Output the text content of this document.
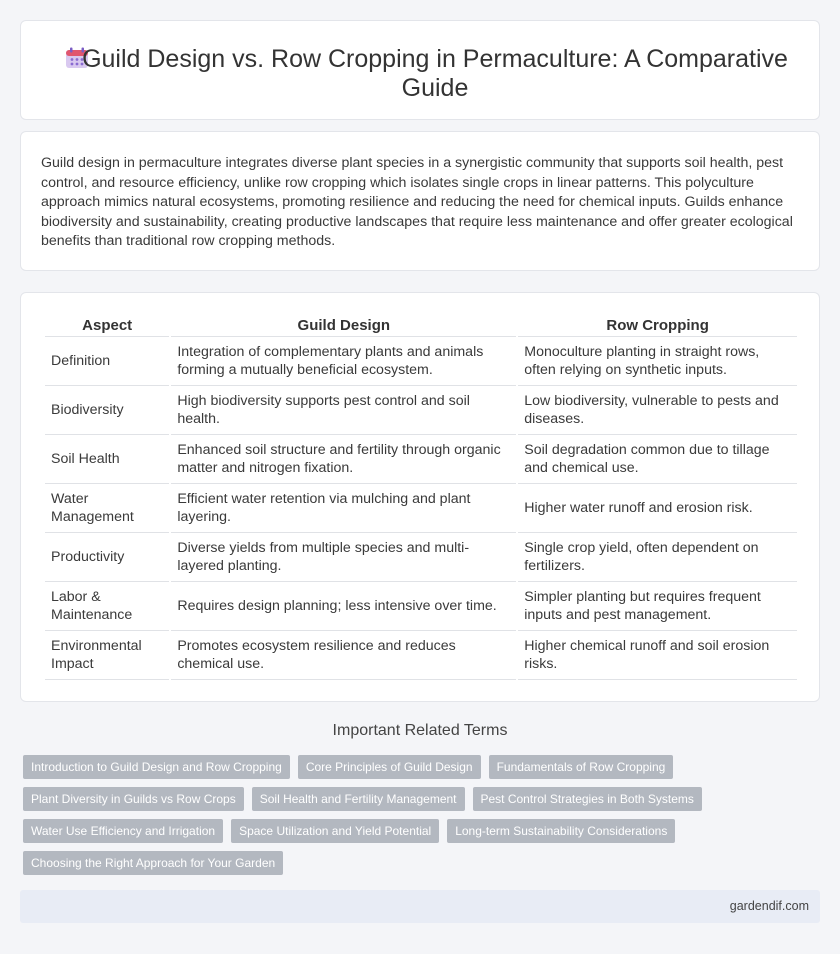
Guild Design vs. Row Cropping in Permaculture: A Comparative Guide

Guild design in permaculture integrates diverse plant species in a synergistic community that supports soil health, pest control, and resource efficiency, unlike row cropping which isolates single crops in linear patterns. This polyculture approach mimics natural ecosystems, promoting resilience and reducing the need for chemical inputs. Guilds enhance biodiversity and sustainability, creating productive landscapes that require less maintenance and offer greater ecological benefits than traditional row cropping methods.

Aspect	Guild Design	Row Cropping
Definition	Integration of complementary plants and animals forming a mutually beneficial ecosystem.	Monoculture planting in straight rows, often relying on synthetic inputs.
Biodiversity	High biodiversity supports pest control and soil health.	Low biodiversity, vulnerable to pests and diseases.
Soil Health	Enhanced soil structure and fertility through organic matter and nitrogen fixation.	Soil degradation common due to tillage and chemical use.
Water Management	Efficient water retention via mulching and plant layering.	Higher water runoff and erosion risk.
Productivity	Diverse yields from multiple species and multi-layered planting.	Single crop yield, often dependent on fertilizers.
Labor & Maintenance	Requires design planning; less intensive over time.	Simpler planting but requires frequent inputs and pest management.
Environmental Impact	Promotes ecosystem resilience and reduces chemical use.	Higher chemical runoff and soil erosion risks.
Important Related Terms
Introduction to Guild Design and Row Cropping	Core Principles of Guild Design	Fundamentals of Row Cropping
Plant Diversity in Guilds vs Row Crops	Soil Health and Fertility Management	Pest Control Strategies in Both Systems
Water Use Efficiency and Irrigation	Space Utilization and Yield Potential	Long-term Sustainability Considerations
Choosing the Right Approach for Your Garden
gardendif.com
